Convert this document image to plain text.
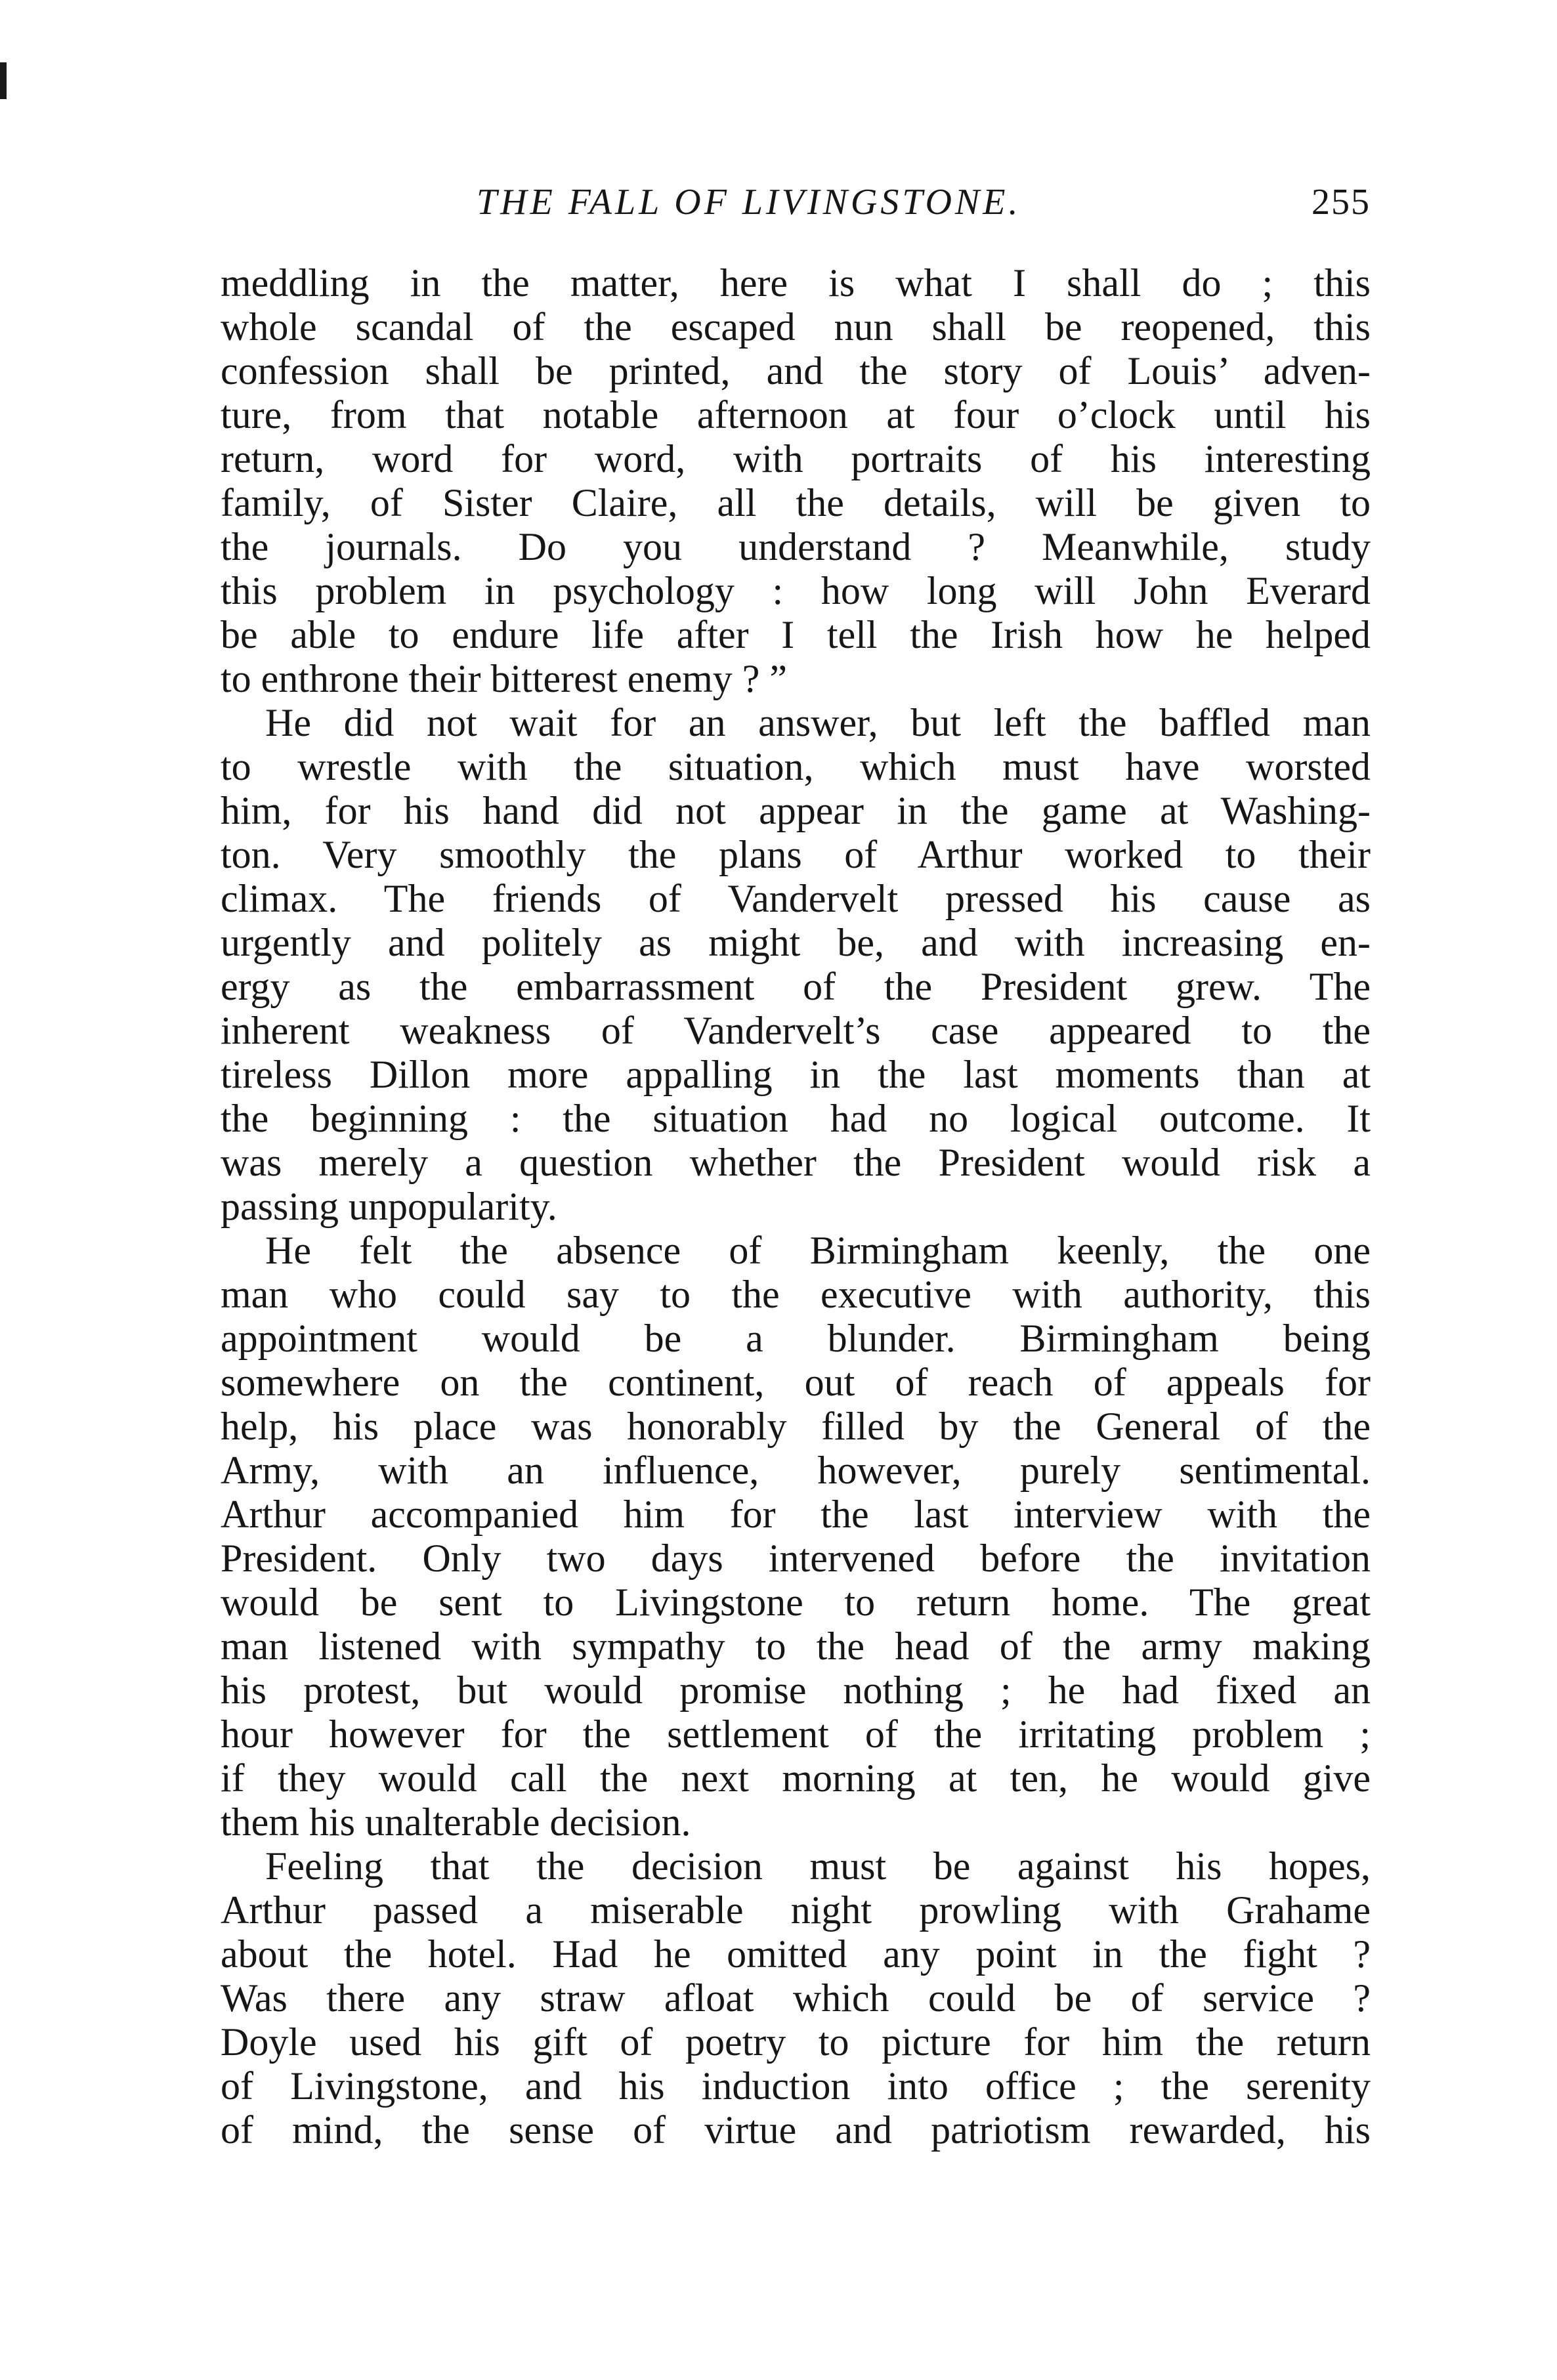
THE FALL OF LIVINGSTONE.	255
meddling in the matter, here is what I shall do ; this
whole scandal of the escaped nun shall be reopened, this
confession shall be printed, and the story of Louis’ adven-
ture, from that notable afternoon at four o’clock until his
return, word for word, with portraits of his interesting
family, of Sister Claire, all the details, will be given to
the journals. Do you understand ? Meanwhile, study
this problem in psychology : how long will John Everard
be able to endure life after I tell the Irish how he helped
to enthrone their bitterest enemy ? ”
He did not wait for an answer, but left the baffled man
to wrestle with the situation, which must have worsted
him, for his hand did not appear in the game at Washing-
ton. Very smoothly the plans of Arthur worked to their
climax. The friends of Vandervelt pressed his cause as
urgently and politely as might be, and with increasing en-
ergy as the embarrassment of the President grew. The
inherent weakness of Vandervelt’s case appeared to the
tireless Dillon more appalling in the last moments than at
the beginning : the situation had no logical outcome. It
was merely a question whether the President would risk a
passing unpopularity.
He felt the absence of Birmingham keenly, the one
man who could say to the executive with authority, this
appointment would be a blunder. Birmingham being
somewhere on the continent, out of reach of appeals for
help, his place was honorably filled by the General of the
Army, with an influence, however, purely sentimental.
Arthur accompanied him for the last interview with the
President. Only two days intervened before the invitation
would be sent to Livingstone to return home. The great
man listened with sympathy to the head of the army making
his protest, but would promise nothing ; he had fixed an
hour however for the settlement of the irritating problem ;
if they would call the next morning at ten, he would give
them his unalterable decision.
Feeling that the decision must be against his hopes,
Arthur passed a miserable night prowling with Grahame
about the hotel. Had he omitted any point in the fight ?
Was there any straw afloat which could be of service ?
Doyle used his gift of poetry to picture for him the return
of Livingstone, and his induction into office ; the serenity
of mind, the sense of virtue and patriotism rewarded, his
